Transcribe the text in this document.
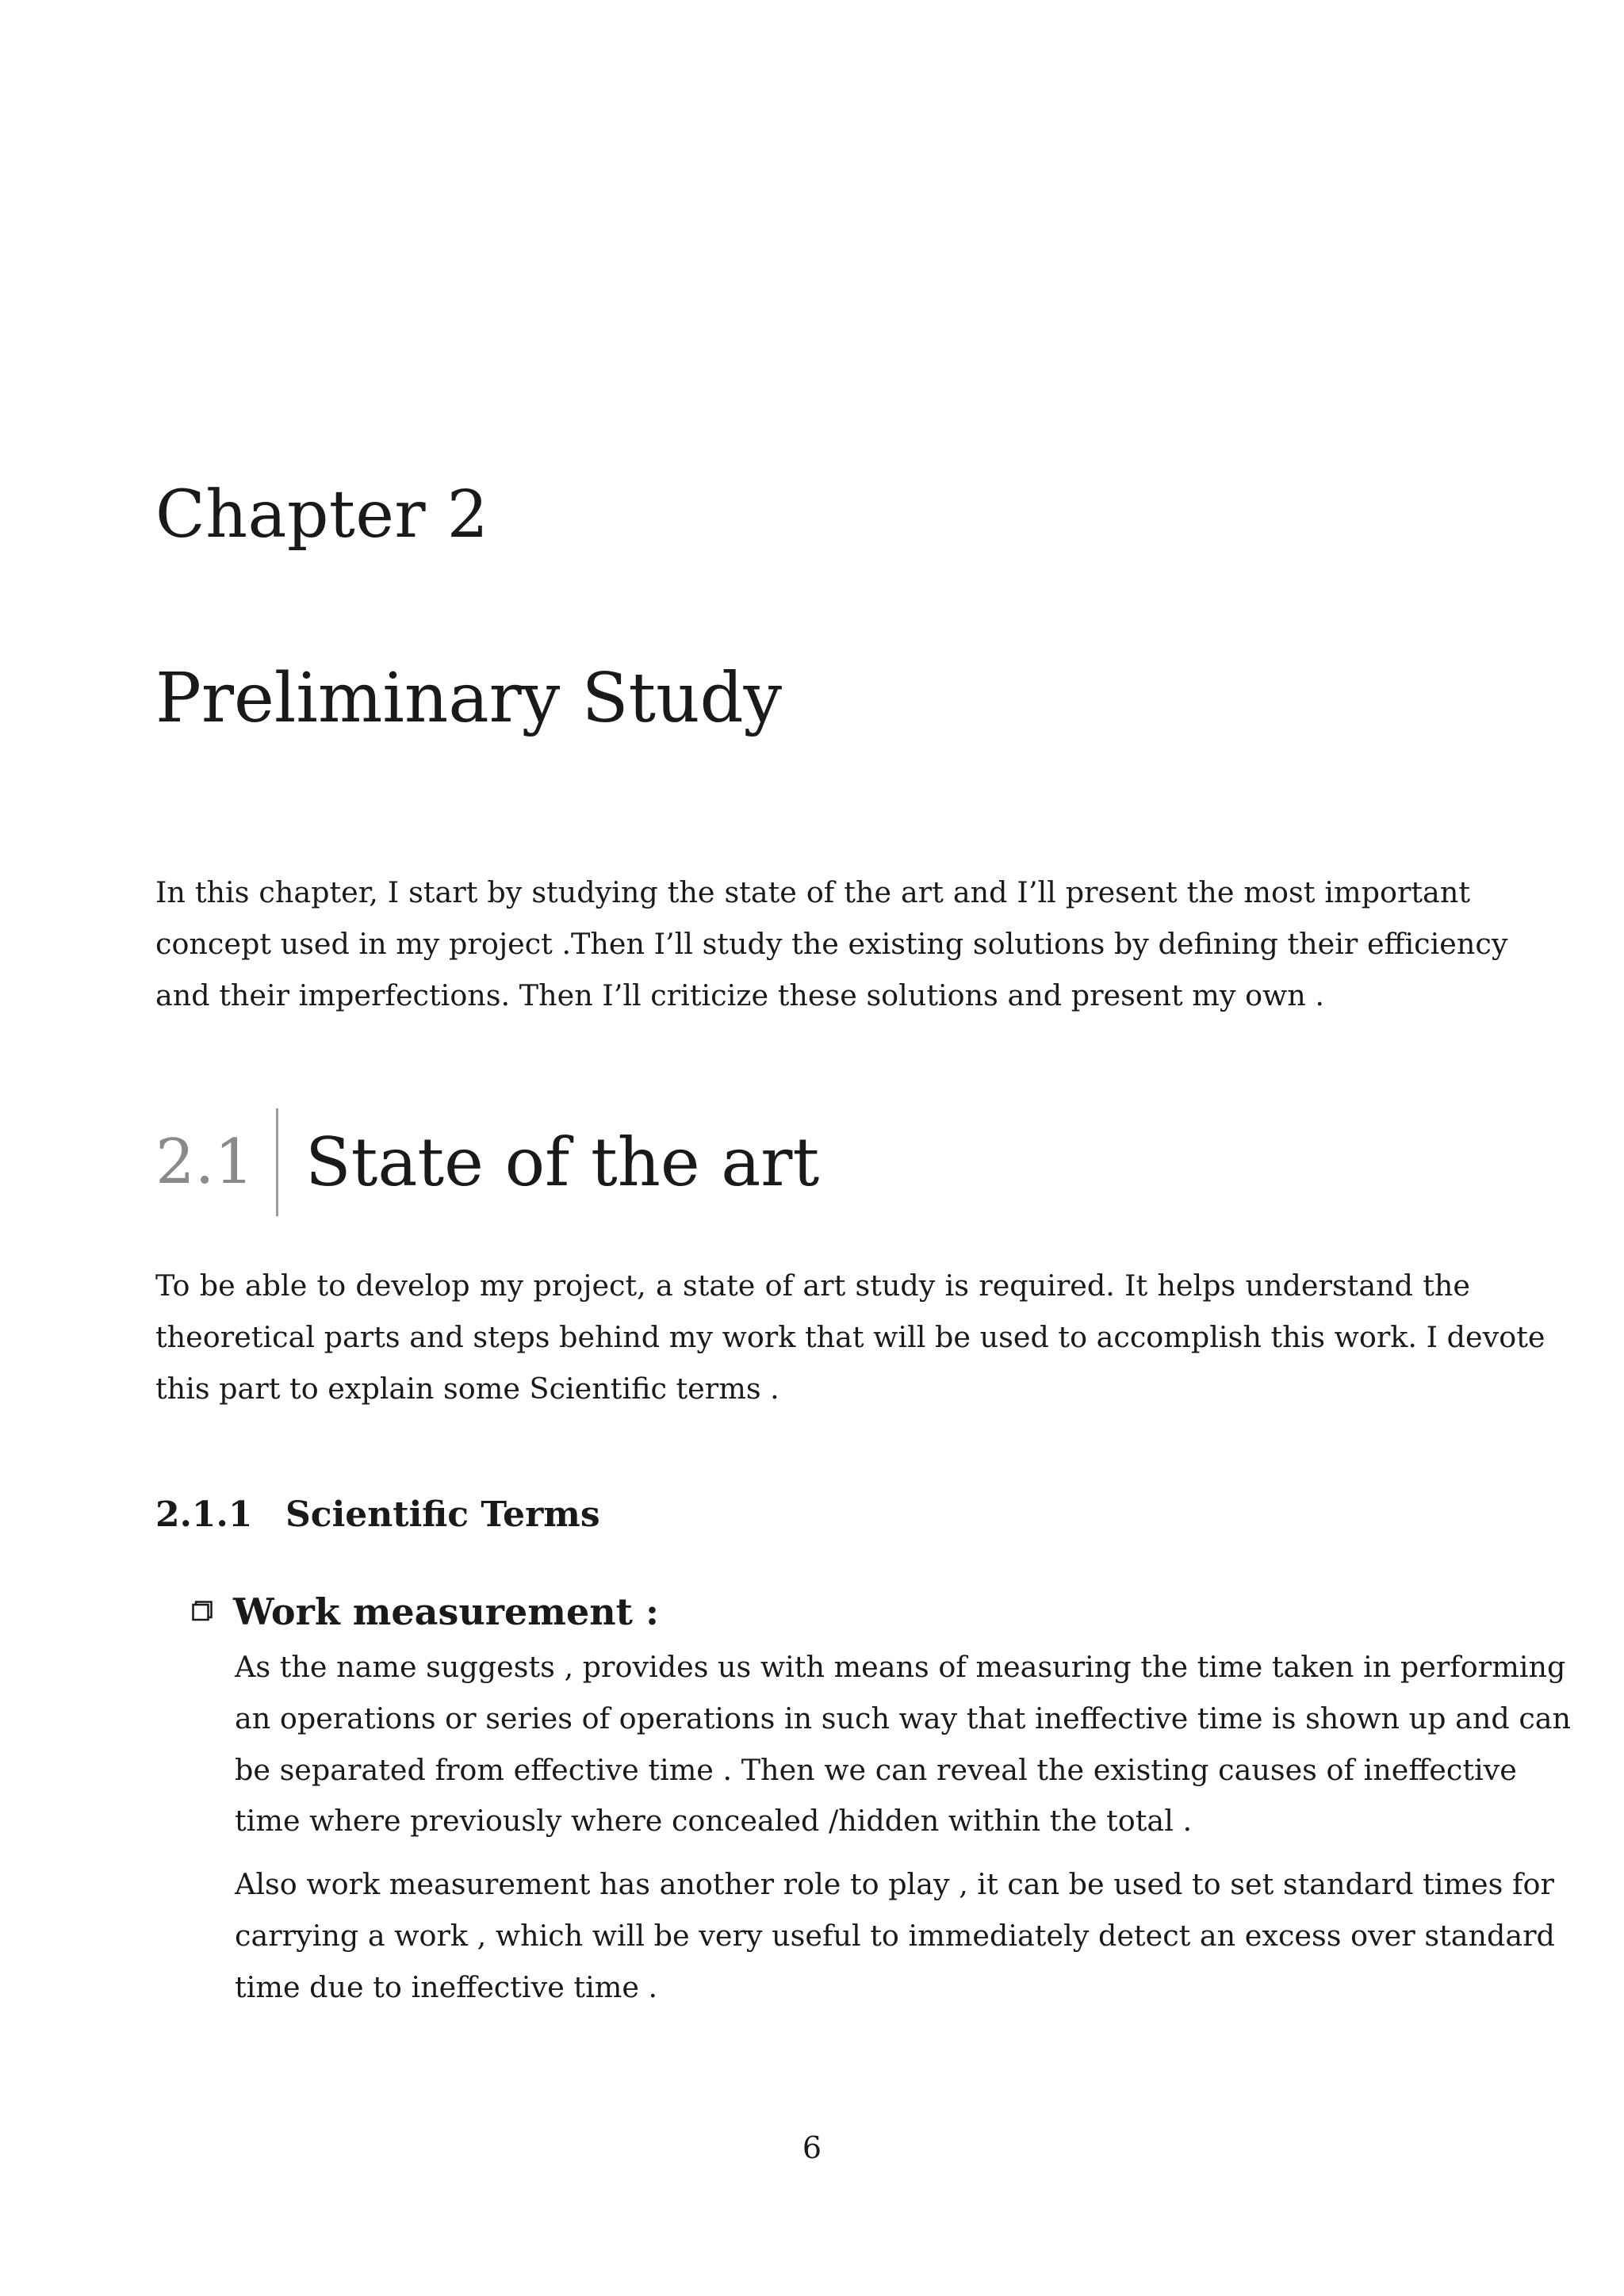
Chapter 2
Preliminary Study
In this chapter, I start by studying the state of the art and I’ll present the most important
concept used in my project .Then I’ll study the existing solutions by defining their efficiency
and their imperfections. Then I’ll criticize these solutions and present my own .
2.1 State of the art
To be able to develop my project, a state of art study is required. It helps understand the
theoretical parts and steps behind my work that will be used to accomplish this work. I devote
this part to explain some Scientific terms .
2.1.1 Scientific Terms
Work measurement :
As the name suggests , provides us with means of measuring the time taken in performing
an operations or series of operations in such way that ineffective time is shown up and can
be separated from effective time . Then we can reveal the existing causes of ineffective
time where previously where concealed /hidden within the total .
Also work measurement has another role to play , it can be used to set standard times for
carrying a work , which will be very useful to immediately detect an excess over standard
time due to ineffective time .
6
